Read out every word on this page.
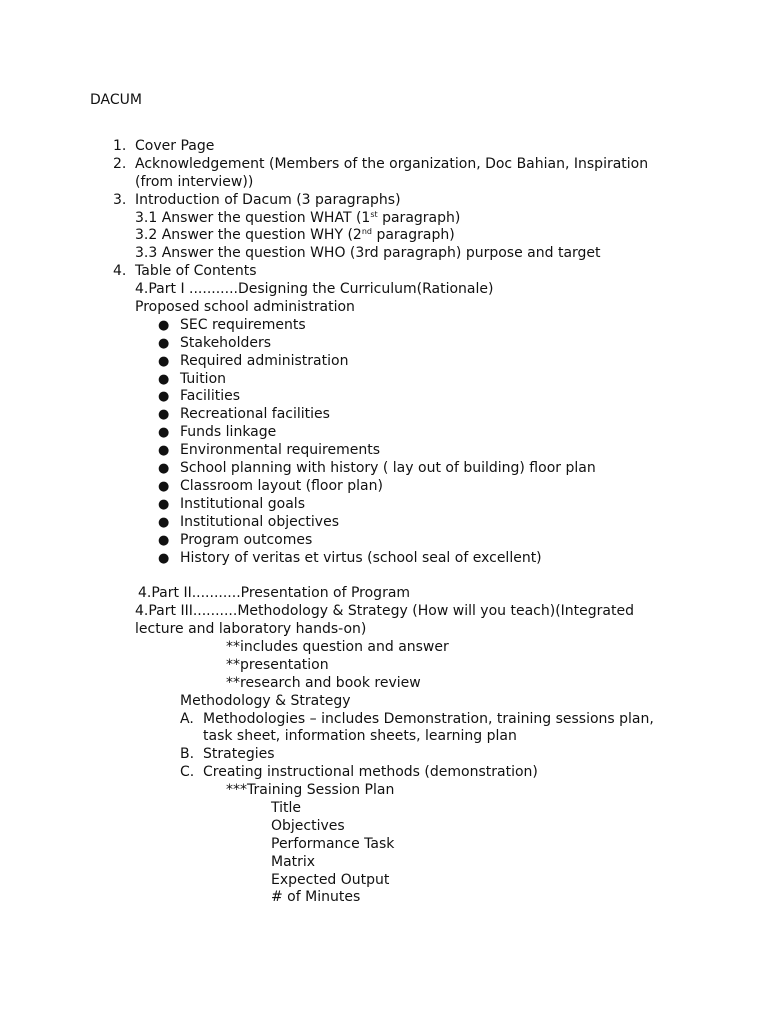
DACUM
1. Cover Page
2. Acknowledgement (Members of the organization, Doc Bahian, Inspiration
(from interview))
3. Introduction of Dacum (3 paragraphs)
3.1 Answer the question WHAT (1st paragraph)
3.2 Answer the question WHY (2nd paragraph)
3.3 Answer the question WHO (3rd paragraph) purpose and target
4. Table of Contents
4.Part I ...........Designing the Curriculum(Rationale)
Proposed school administration
● SEC requirements
● Stakeholders
● Required administration
● Tuition
● Facilities
● Recreational facilities
● Funds linkage
● Environmental requirements
● School planning with history ( lay out of building) floor plan
● Classroom layout (floor plan)
● Institutional goals
● Institutional objectives
● Program outcomes
● History of veritas et virtus (school seal of excellent)
4.Part II...........Presentation of Program
4.Part III..........Methodology & Strategy (How will you teach)(Integrated
lecture and laboratory hands-on)
**includes question and answer
**presentation
**research and book review
Methodology & Strategy
A. Methodologies – includes Demonstration, training sessions plan,
task sheet, information sheets, learning plan
B. Strategies
C. Creating instructional methods (demonstration)
***Training Session Plan
Title
Objectives
Performance Task
Matrix
Expected Output
# of Minutes
